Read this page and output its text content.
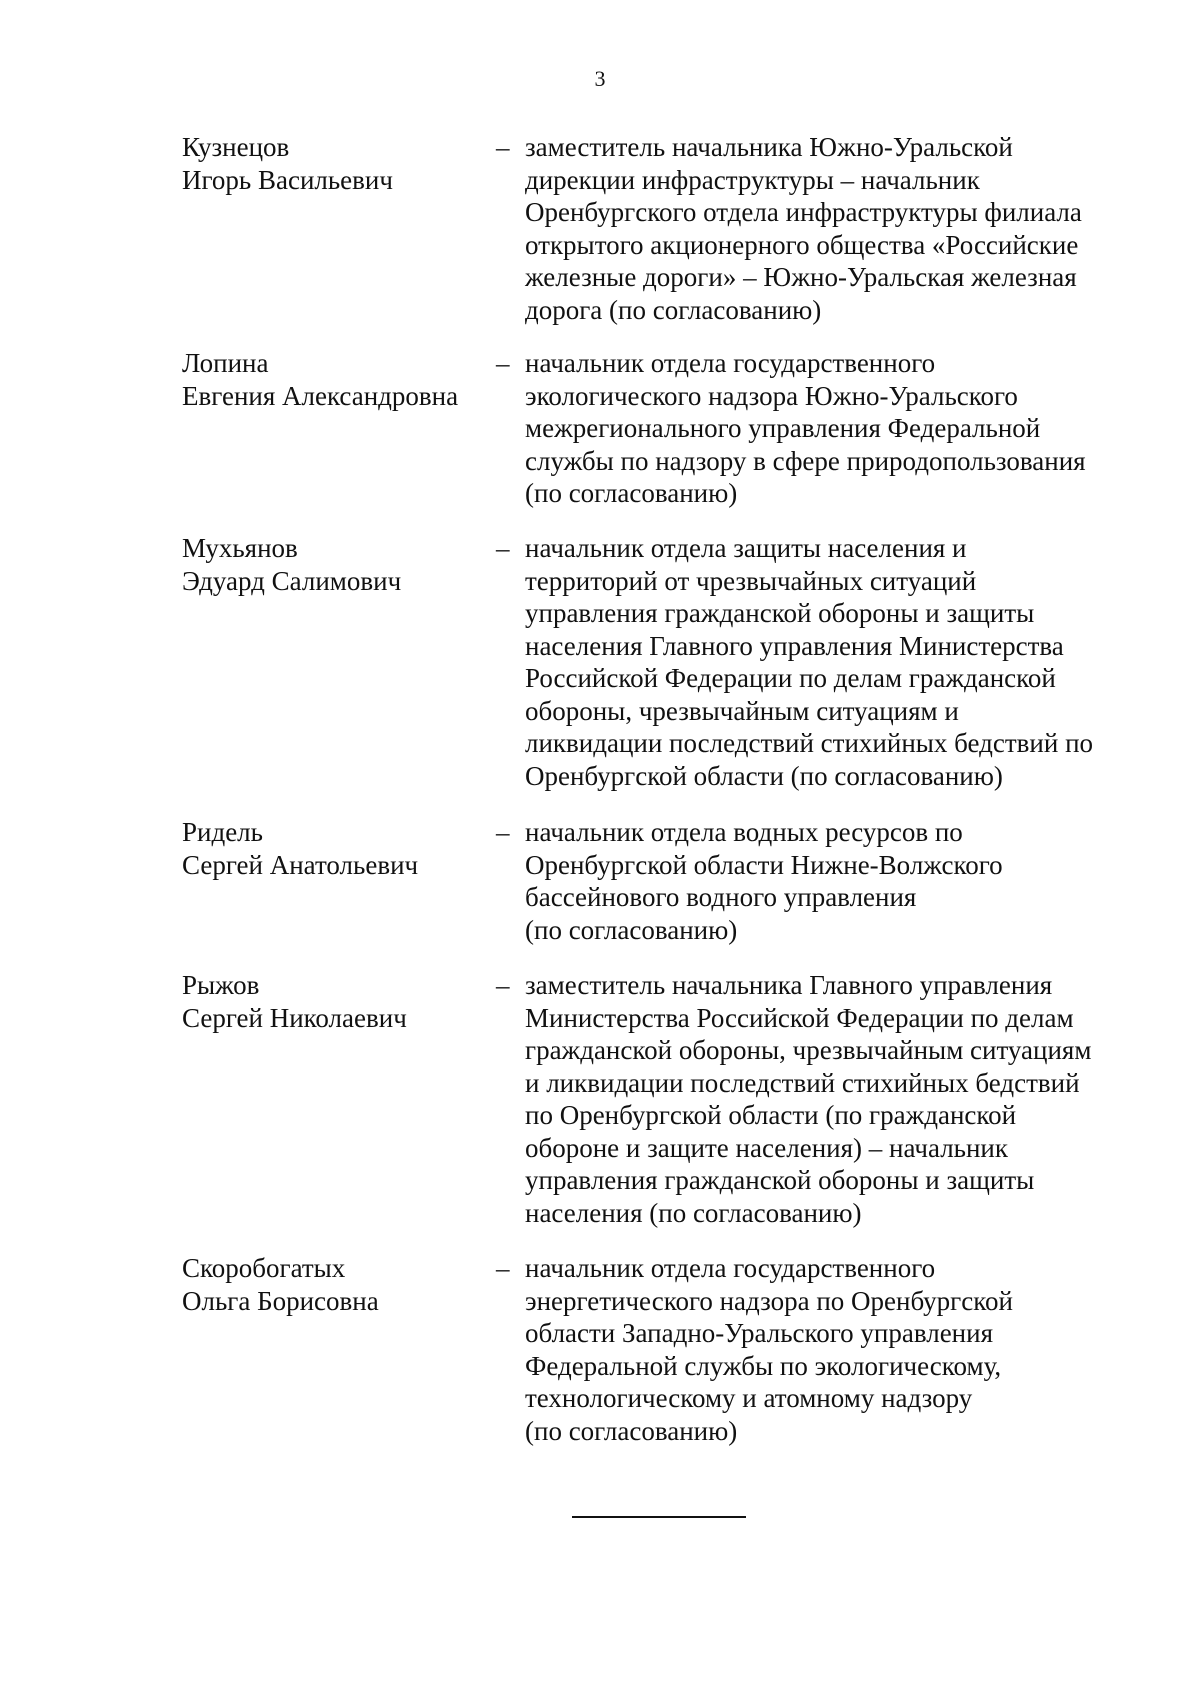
3
Кузнецов
Игорь Васильевич
– заместитель начальника Южно-Уральской
дирекции инфраструктуры – начальник
Оренбургского отдела инфраструктуры филиала
открытого акционерного общества «Российские
железные дороги» – Южно-Уральская железная
дорога (по согласованию)
Лопина
Евгения Александровна
– начальник отдела государственного
экологического надзора Южно-Уральского
межрегионального управления Федеральной
службы по надзору в сфере природопользования
(по согласованию)
Мухьянов
Эдуард Салимович
– начальник отдела защиты населения и
территорий от чрезвычайных ситуаций
управления гражданской обороны и защиты
населения Главного управления Министерства
Российской Федерации по делам гражданской
обороны, чрезвычайным ситуациям и
ликвидации последствий стихийных бедствий по
Оренбургской области (по согласованию)
Ридель
Сергей Анатольевич
– начальник отдела водных ресурсов по
Оренбургской области Нижне-Волжского
бассейнового водного управления
(по согласованию)
Рыжов
Сергей Николаевич
– заместитель начальника Главного управления
Министерства Российской Федерации по делам
гражданской обороны, чрезвычайным ситуациям
и ликвидации последствий стихийных бедствий
по Оренбургской области (по гражданской
обороне и защите населения) – начальник
управления гражданской обороны и защиты
населения (по согласованию)
Скоробогатых
Ольга Борисовна
– начальник отдела государственного
энергетического надзора по Оренбургской
области Западно-Уральского управления
Федеральной службы по экологическому,
технологическому и атомному надзору
(по согласованию)
